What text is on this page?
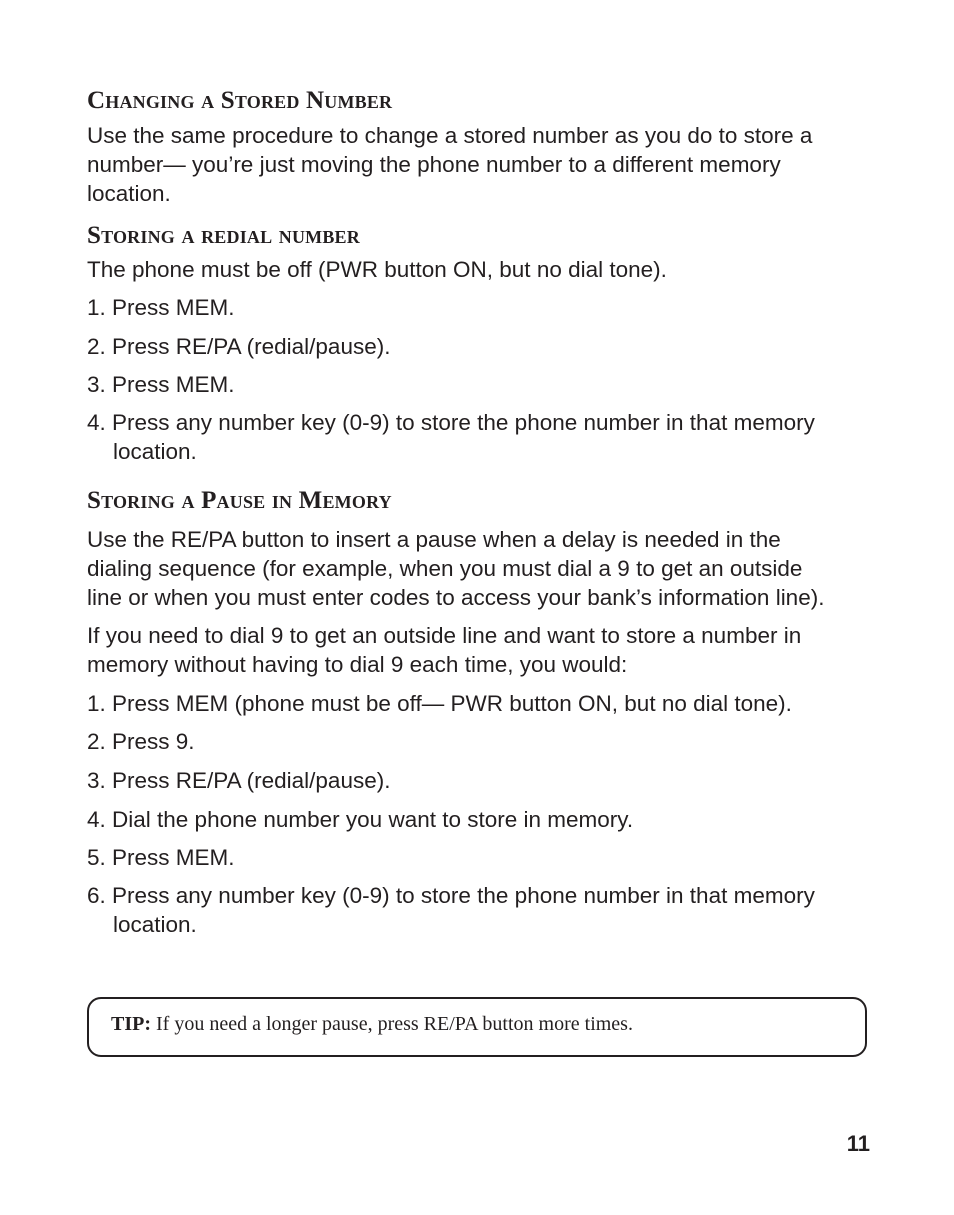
Changing a Stored Number
Use the same procedure to change a stored number as you do to store a
number— you’re just moving the phone number to a different memory
location.
Storing a redial number
The phone must be off (PWR button ON, but no dial tone).
1. Press MEM.
2. Press RE/PA (redial/pause).
3. Press MEM.
4. Press any number key (0-9) to store the phone number in that memory
location.
Storing a Pause in Memory
Use the RE/PA button to insert a pause when a delay is needed in the
dialing sequence (for example, when you must dial a 9 to get an outside
line or when you must enter codes to access your bank’s information line).
If you need to dial 9 to get an outside line and want to store a number in
memory without having to dial 9 each time, you would:
1. Press MEM (phone must be off— PWR button ON, but no dial tone).
2. Press 9.
3. Press RE/PA (redial/pause).
4. Dial the phone number you want to store in memory.
5. Press MEM.
6. Press any number key (0-9) to store the phone number in that memory
location.
TIP: If you need a longer pause, press RE/PA button more times.
11
